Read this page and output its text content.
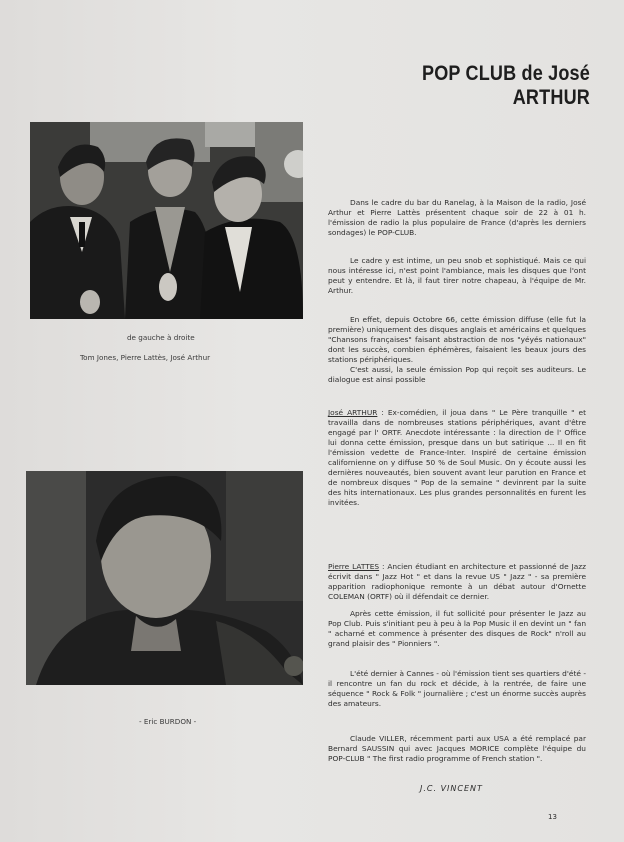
POP CLUB de José ARTHUR
de gauche à droite
Tom Jones, Pierre Lattès, José Arthur
- Eric BURDON -

Dans le cadre du bar du Ranelag, à la Maison de la radio, José Arthur et Pierre Lattès présentent chaque soir de 22 à 01 h. l'émission de radio la plus populaire de France (d'après les derniers sondages) le POP-CLUB.

Le cadre y est intime, un peu snob et sophistiqué. Mais ce qui nous intéresse ici, n'est point l'ambiance, mais les disques que l'ont peut y entendre. Et là, il faut tirer notre chapeau, à l'équipe de Mr. Arthur.

En effet, depuis Octobre 66, cette émission diffuse (elle fut la première) uniquement des disques anglais et américains et quelques "Chansons françaises" faisant abstraction de nos "yéyés nationaux" dont les succès, combien éphémères, faisaient les beaux jours des stations périphériques.

C'est aussi, la seule émission Pop qui reçoit ses auditeurs. Le dialogue est ainsi possible

José ARTHUR : Ex-comédien, il joua dans " Le Père tranquille " et travailla dans de nombreuses stations périphériques, avant d'être engagé par l' ORTF. Anecdote intéressante : la direction de l' Office lui donna cette émission, presque dans un but satirique ... Il en fit l'émission vedette de France-Inter. Inspiré de certaine émission californienne on y diffuse 50 % de Soul Music. On y écoute aussi les dernières nouveautés, bien souvent avant leur parution en France et de nombreux disques " Pop de la semaine " devinrent par la suite des hits internationaux. Les plus grandes personnalités en furent les invitées.

Pierre LATTES : Ancien étudiant en architecture et passionné de Jazz écrivit dans " Jazz Hot " et dans la revue US " Jazz " - sa première apparition radiophonique remonte à un débat autour d'Ornette COLEMAN (ORTF) où il défendait ce dernier.

Après cette émission, il fut sollicité pour présenter le Jazz au Pop Club. Puis s'initiant peu à peu à la Pop Music il en devint un " fan " acharné et commence à présenter des disques de Rock" n'roll au grand plaisir des " Pionniers ".

L'été dernier à Cannes - où l'émission tient ses quartiers d'été - il rencontre un fan du rock et décide, à la rentrée, de faire une séquence " Rock & Folk " journalière ; c'est un énorme succès auprès des amateurs.

Claude VILLER, récemment parti aux USA a été remplacé par Bernard SAUSSIN qui avec Jacques MORICE complète l'équipe du POP-CLUB " The first radio programme of French station ".

J.C. VINCENT
13
